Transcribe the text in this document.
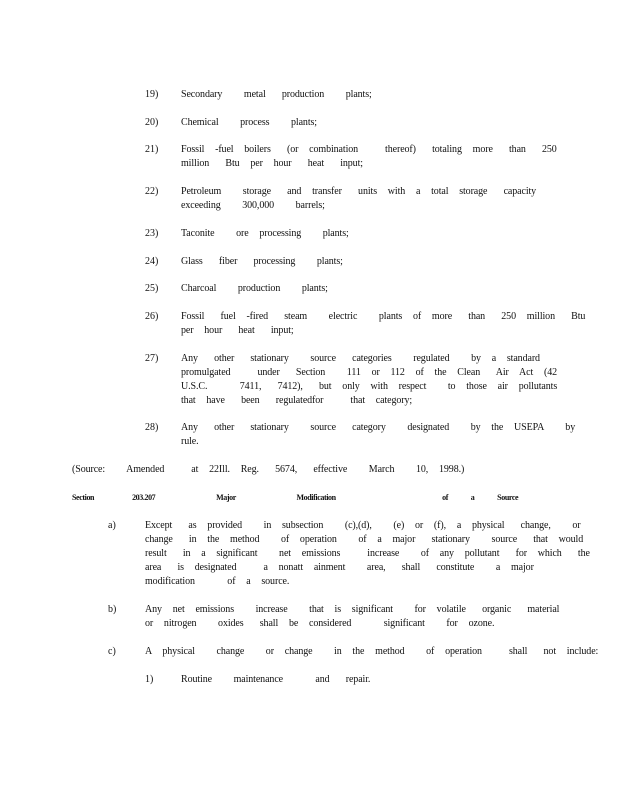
19) Secondary    metal   production    plants;
20) Chemical    process    plants;
21) Fossil  -fuel  boilers   (or  combination     thereof)   totaling  more   than   250
million   Btu  per  hour   heat   input;
22) Petroleum    storage   and  transfer   units  with  a  total  storage   capacity
exceeding    300,000    barrels;
23) Taconite    ore  processing    plants;
24) Glass   fiber   processing    plants;
25) Charcoal    production    plants;
26) Fossil   fuel  -fired   steam    electric    plants  of  more   than   250  million   Btu
per  hour   heat   input;
27) Any   other   stationary    source   categories    regulated    by  a  standard
promulgated     under   Section    111  or  112  of  the  Clean   Air  Act  (42
U.S.C.      7411,   7412),   but  only  with  respect    to  those  air  pollutants
that  have   been   regulatedfor     that  category;
28) Any   other   stationary    source   category    designated    by  the  USEPA    by
rule.
(Source:    Amended     at  22Ill.  Reg.   5674,   effective    March    10,  1998.)
Section     203.207        Major        Modification              of   a   Source
a)	Except   as  provided    in  subsection    (c),(d),    (e)  or  (f),  a  physical   change,    or
change   in  the  method    of  operation    of  a  major   stationary    source   that  would
result   in  a  significant    net  emissions     increase    of  any  pollutant   for  which   the
area   is  designated     a  nonatt  ainment    area,   shall   constitute    a  major
modification      of  a  source.
b)	Any  net  emissions    increase    that  is  significant    for  volatile   organic   material
or  nitrogen    oxides   shall  be  considered      significant    for  ozone.
c)	A  physical    change    or  change    in  the  method    of  operation     shall   not  include:
1)	Routine    maintenance      and   repair.
